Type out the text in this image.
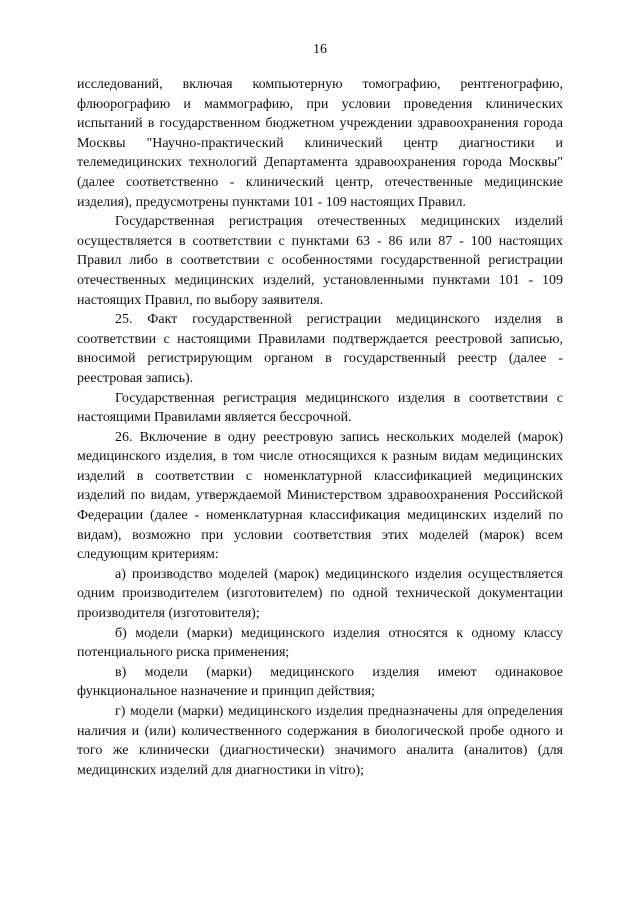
16

исследований, включая компьютерную томографию, рентгенографию, флюорографию и маммографию, при условии проведения клинических испытаний в государственном бюджетном учреждении здравоохранения города Москвы "Научно-практический клинический центр диагностики и телемедицинских технологий Департамента здравоохранения города Москвы" (далее соответственно - клинический центр, отечественные медицинские изделия), предусмотрены пунктами 101 - 109 настоящих Правил.

Государственная регистрация отечественных медицинских изделий осуществляется в соответствии с пунктами 63 - 86 или 87 - 100 настоящих Правил либо в соответствии с особенностями государственной регистрации отечественных медицинских изделий, установленными пунктами 101 - 109 настоящих Правил, по выбору заявителя.

25. Факт государственной регистрации медицинского изделия в соответствии с настоящими Правилами подтверждается реестровой записью, вносимой регистрирующим органом в государственный реестр (далее - реестровая запись).

Государственная регистрация медицинского изделия в соответствии с настоящими Правилами является бессрочной.

26. Включение в одну реестровую запись нескольких моделей (марок) медицинского изделия, в том числе относящихся к разным видам медицинских изделий в соответствии с номенклатурной классификацией медицинских изделий по видам, утверждаемой Министерством здравоохранения Российской Федерации (далее - номенклатурная классификация медицинских изделий по видам), возможно при условии соответствия этих моделей (марок) всем следующим критериям:

а) производство моделей (марок) медицинского изделия осуществляется одним производителем (изготовителем) по одной технической документации производителя (изготовителя);

б) модели (марки) медицинского изделия относятся к одному классу потенциального риска применения;

в) модели (марки) медицинского изделия имеют одинаковое функциональное назначение и принцип действия;

г) модели (марки) медицинского изделия предназначены для определения наличия и (или) количественного содержания в биологической пробе одного и того же клинически (диагностически) значимого аналита (аналитов) (для медицинских изделий для диагностики in vitro);
